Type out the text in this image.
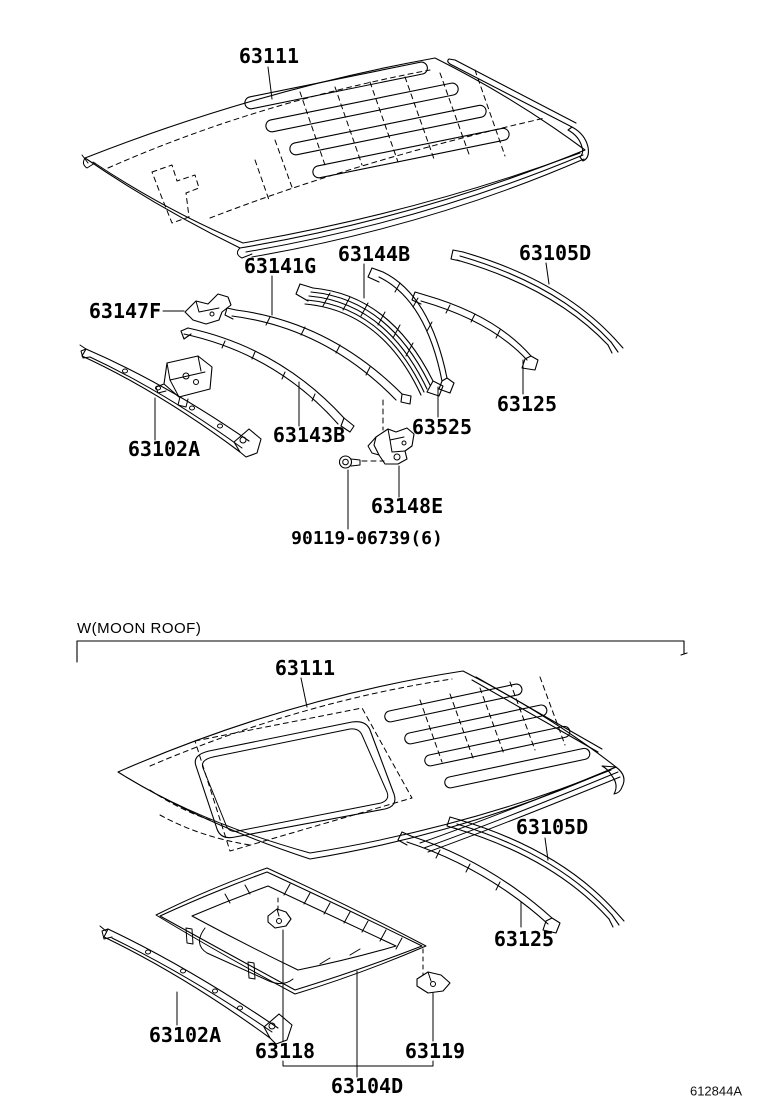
63111
63141G 63144B	63105D
63147F
63102A
63143B	63525
63125
63148E
90119-06739(6)
W(MOON ROOF)
63111
63105D
63125
63102A
63118	63119
63104D	612844A
